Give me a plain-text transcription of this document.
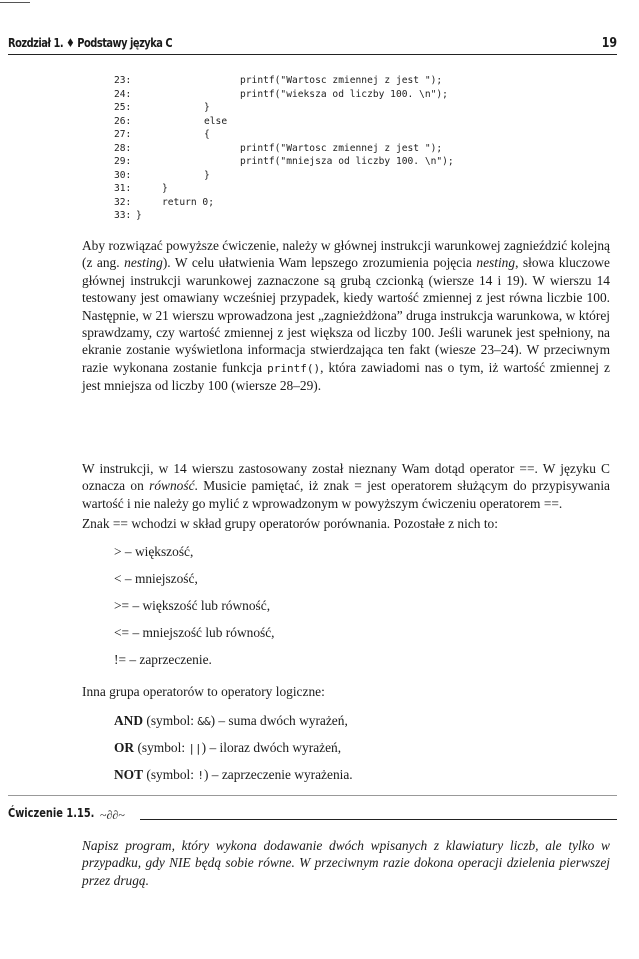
Rozdział 1. ♦ Podstawy języka C	19
23:	printf("Wartosc zmiennej z jest ");
24:	printf("wieksza od liczby 100. \n");
25:	}
26:	else
27:	{
28:	printf("Wartosc zmiennej z jest ");
29:	printf("mniejsza od liczby 100. \n");
30:	}
31:	}
32:	return 0;
33: }

Aby rozwiązać powyższe ćwiczenie, należy w głównej instrukcji warunkowej zagnieździć kolejną (z ang. nesting). W celu ułatwienia Wam lepszego zrozumienia pojęcia nesting, słowa kluczowe głównej instrukcji warunkowej zaznaczone są grubą czcionką (wiersze 14 i 19). W wierszu 14 testowany jest omawiany wcześniej przypadek, kiedy wartość zmiennej z jest równa liczbie 100. Następnie, w 21 wierszu wprowadzona jest „zagnieżdżona” druga instrukcja warunkowa, w której sprawdzamy, czy wartość zmiennej z jest większa od liczby 100. Jeśli warunek jest spełniony, na ekranie zostanie wyświetlona informacja stwierdzająca ten fakt (wiesze 23–24). W przeciwnym razie wykonana zostanie funkcja printf(), która zawiadomi nas o tym, iż wartość zmiennej z jest mniejsza od liczby 100 (wiersze 28–29).

W instrukcji, w 14 wierszu zastosowany został nieznany Wam dotąd operator ==. W języku C oznacza on równość. Musicie pamiętać, iż znak = jest operatorem służącym do przypisywania wartość i nie należy go mylić z wprowadzonym w powyższym ćwiczeniu operatorem ==.

Znak == wchodzi w skład grupy operatorów porównania. Pozostałe z nich to:

> – większość,
< – mniejszość,
>= – większość lub równość,
<= – mniejszość lub równość,
!= – zaprzeczenie.

Inna grupa operatorów to operatory logiczne:

AND (symbol: &&) – suma dwóch wyrażeń,
OR (symbol: ||) – iloraz dwóch wyrażeń,
NOT (symbol: !) – zaprzeczenie wyrażenia.
Ćwiczenie 1.15. ~∂∂~

Napisz program, który wykona dodawanie dwóch wpisanych z klawiatury liczb, ale tylko w przypadku, gdy NIE będą sobie równe. W przeciwnym razie dokona operacji dzielenia pierwszej przez drugą.
